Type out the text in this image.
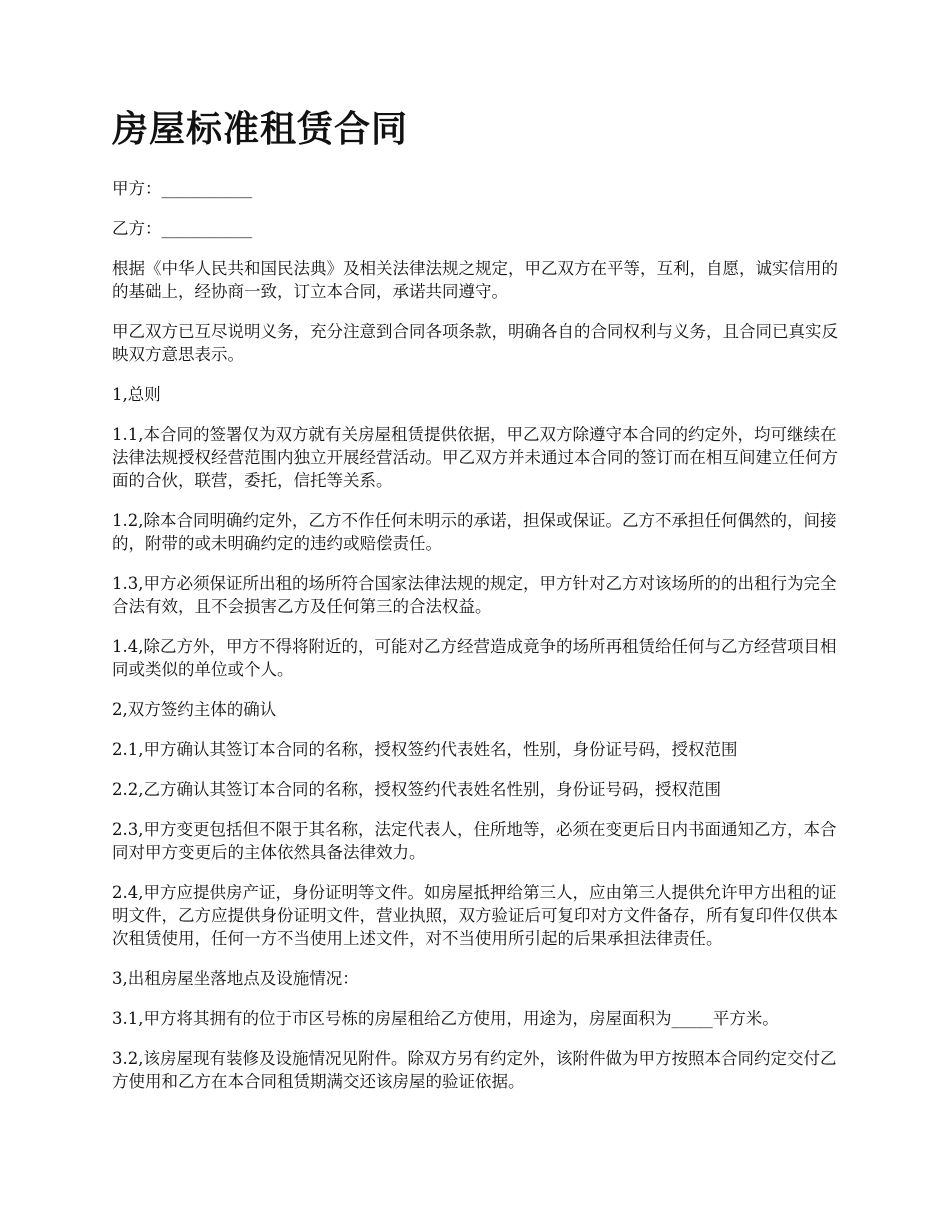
房屋标准租赁合同

甲方：___________

乙方：___________

根据《中华人民共和国民法典》及相关法律法规之规定，甲乙双方在平等，互利，自愿，诚实信用的的基础上，经协商一致，订立本合同，承诺共同遵守。

甲乙双方已互尽说明义务，充分注意到合同各项条款，明确各自的合同权利与义务，且合同已真实反映双方意思表示。

1,总则

1.1,本合同的签署仅为双方就有关房屋租赁提供依据，甲乙双方除遵守本合同的约定外，均可继续在法律法规授权经营范围内独立开展经营活动。甲乙双方并未通过本合同的签订而在相互间建立任何方面的合伙，联营，委托，信托等关系。

1.2,除本合同明确约定外，乙方不作任何未明示的承诺，担保或保证。乙方不承担任何偶然的，间接的，附带的或未明确约定的违约或赔偿责任。

1.3,甲方必须保证所出租的场所符合国家法律法规的规定，甲方针对乙方对该场所的的出租行为完全合法有效，且不会损害乙方及任何第三的合法权益。

1.4,除乙方外，甲方不得将附近的，可能对乙方经营造成竟争的场所再租赁给任何与乙方经营项目相同或类似的单位或个人。

2,双方签约主体的确认

2.1,甲方确认其签订本合同的名称，授权签约代表姓名，性别，身份证号码，授权范围

2.2,乙方确认其签订本合同的名称，授权签约代表姓名性别，身份证号码，授权范围

2.3,甲方变更包括但不限于其名称，法定代表人，住所地等，必须在变更后日内书面通知乙方，本合同对甲方变更后的主体依然具备法律效力。

2.4,甲方应提供房产证，身份证明等文件。如房屋抵押给第三人，应由第三人提供允许甲方出租的证明文件，乙方应提供身份证明文件，营业执照，双方验证后可复印对方文件备存，所有复印件仅供本次租赁使用，任何一方不当使用上述文件，对不当使用所引起的后果承担法律责任。

3,出租房屋坐落地点及设施情况：

3.1,甲方将其拥有的位于市区号栋的房屋租给乙方使用，用途为，房屋面积为_____平方米。

3.2,该房屋现有装修及设施情况见附件。除双方另有约定外，该附件做为甲方按照本合同约定交付乙方使用和乙方在本合同租赁期满交还该房屋的验证依据。
